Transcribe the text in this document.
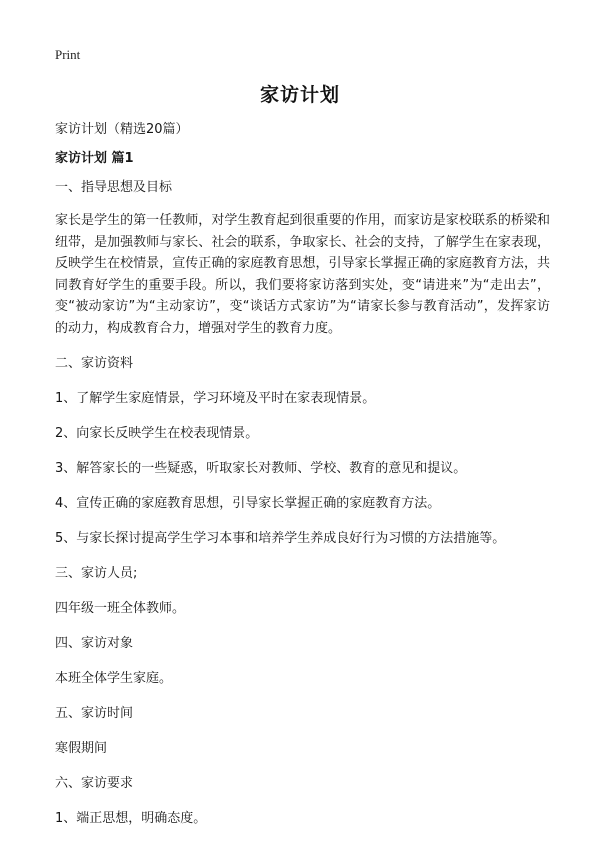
Print
家访计划

家访计划（精选20篇）

家访计划 篇1

一、指导思想及目标

家长是学生的第一任教师，对学生教育起到很重要的作用，而家访是家校联系的桥梁和纽带，是加强教师与家长、社会的联系，争取家长、社会的支持，了解学生在家表现，反映学生在校情景，宣传正确的家庭教育思想，引导家长掌握正确的家庭教育方法，共同教育好学生的重要手段。所以，我们要将家访落到实处，变“请进来”为“走出去”，变“被动家访”为“主动家访”，变“谈话方式家访”为“请家长参与教育活动”，发挥家访的动力，构成教育合力，增强对学生的教育力度。

二、家访资料

1、了解学生家庭情景，学习环境及平时在家表现情景。

2、向家长反映学生在校表现情景。

3、解答家长的一些疑惑，听取家长对教师、学校、教育的意见和提议。

4、宣传正确的家庭教育思想，引导家长掌握正确的家庭教育方法。

5、与家长探讨提高学生学习本事和培养学生养成良好行为习惯的方法措施等。

三、家访人员;

四年级一班全体教师。

四、家访对象

本班全体学生家庭。

五、家访时间

寒假期间

六、家访要求

1、端正思想，明确态度。
